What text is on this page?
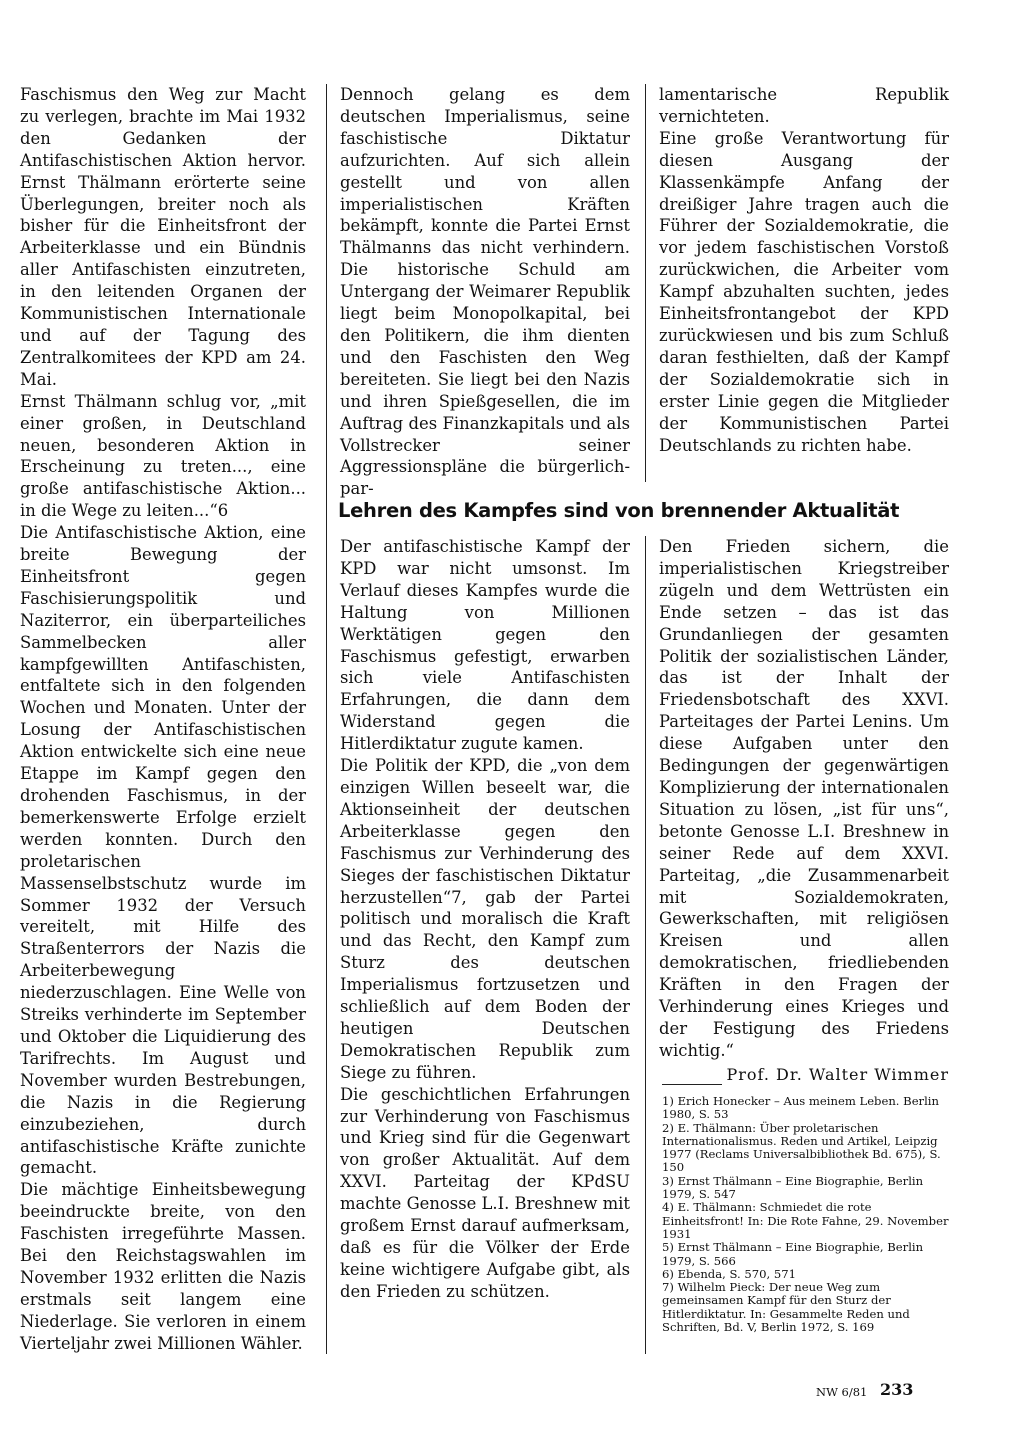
Faschismus den Weg zur Macht zu verlegen, brachte im Mai 1932 den Gedanken der Antifaschistischen Aktion hervor. Ernst Thälmann erörterte seine Überlegungen, breiter noch als bisher für die Einheitsfront der Arbeiterklasse und ein Bündnis aller Antifaschisten einzutreten, in den leitenden Organen der Kommunistischen Internationale und auf der Tagung des Zentralkomitees der KPD am 24. Mai.

Ernst Thälmann schlug vor, „mit einer großen, in Deutschland neuen, besonderen Aktion in Erscheinung zu treten..., eine große antifaschistische Aktion... in die Wege zu leiten...“6

Die Antifaschistische Aktion, eine breite Bewegung der Einheitsfront gegen Faschisierungspolitik und Naziterror, ein überparteiliches Sammelbecken aller kampfgewillten Antifaschisten, entfaltete sich in den folgenden Wochen und Monaten. Unter der Losung der Antifaschistischen Aktion entwickelte sich eine neue Etappe im Kampf gegen den drohenden Faschismus, in der bemerkenswerte Erfolge erzielt werden konnten. Durch den proletarischen Massenselbstschutz wurde im Sommer 1932 der Versuch vereitelt, mit Hilfe des Straßenterrors der Nazis die Arbeiterbewegung niederzuschlagen. Eine Welle von Streiks verhinderte im September und Oktober die Liquidierung des Tarifrechts. Im August und November wurden Bestrebungen, die Nazis in die Regierung einzubeziehen, durch antifaschistische Kräfte zunichte gemacht.

Die mächtige Einheitsbewegung beeindruckte breite, von den Faschisten irregeführte Massen. Bei den Reichstagswahlen im November 1932 erlitten die Nazis erstmals seit langem eine Niederlage. Sie verloren in einem Vierteljahr zwei Millionen Wähler.

Dennoch gelang es dem deutschen Imperialismus, seine faschistische Diktatur aufzurichten. Auf sich allein gestellt und von allen imperialistischen Kräften bekämpft, konnte die Partei Ernst Thälmanns das nicht verhindern. Die historische Schuld am Untergang der Weimarer Republik liegt beim Monopolkapital, bei den Politikern, die ihm dienten und den Faschisten den Weg bereiteten. Sie liegt bei den Nazis und ihren Spießgesellen, die im Auftrag des Finanzkapitals und als Vollstrecker seiner Aggressionspläne die bürgerlich-par-

lamentarische Republik vernichteten.

Eine große Verantwortung für diesen Ausgang der Klassenkämpfe Anfang der dreißiger Jahre tragen auch die Führer der Sozialdemokratie, die vor jedem faschistischen Vorstoß zurückwichen, die Arbeiter vom Kampf abzuhalten suchten, jedes Einheitsfrontangebot der KPD zurückwiesen und bis zum Schluß daran festhielten, daß der Kampf der Sozialdemokratie sich in erster Linie gegen die Mitglieder der Kommunistischen Partei Deutschlands zu richten habe.

Lehren des Kampfes sind von brennender Aktualität

Der antifaschistische Kampf der KPD war nicht umsonst. Im Verlauf dieses Kampfes wurde die Haltung von Millionen Werktätigen gegen den Faschismus gefestigt, erwarben sich viele Antifaschisten Erfahrungen, die dann dem Widerstand gegen die Hitlerdiktatur zugute kamen.

Die Politik der KPD, die „von dem einzigen Willen beseelt war, die Aktionseinheit der deutschen Arbeiterklasse gegen den Faschismus zur Verhinderung des Sieges der faschistischen Diktatur herzustellen“7, gab der Partei politisch und moralisch die Kraft und das Recht, den Kampf zum Sturz des deutschen Imperialismus fortzusetzen und schließlich auf dem Boden der heutigen Deutschen Demokratischen Republik zum Siege zu führen.

Die geschichtlichen Erfahrungen zur Verhinderung von Faschismus und Krieg sind für die Gegenwart von großer Aktualität. Auf dem XXVI. Parteitag der KPdSU machte Genosse L.I. Breshnew mit großem Ernst darauf aufmerksam, daß es für die Völker der Erde keine wichtigere Aufgabe gibt, als den Frieden zu schützen.

Den Frieden sichern, die imperialistischen Kriegstreiber zügeln und dem Wettrüsten ein Ende setzen – das ist das Grundanliegen der gesamten Politik der sozialistischen Länder, das ist der Inhalt der Friedensbotschaft des XXVI. Parteitages der Partei Lenins. Um diese Aufgaben unter den Bedingungen der gegenwärtigen Komplizierung der internationalen Situation zu lösen, „ist für uns“, betonte Genosse L.I. Breshnew in seiner Rede auf dem XXVI. Parteitag, „die Zusammenarbeit mit Sozialdemokraten, Gewerkschaften, mit religiösen Kreisen und allen demokratischen, friedliebenden Kräften in den Fragen der Verhinderung eines Krieges und der Festigung des Friedens wichtig.“

Prof. Dr. Walter Wimmer

1) Erich Honecker – Aus meinem Leben. Berlin 1980, S. 53
2) E. Thälmann: Über proletarischen Internationalismus. Reden und Artikel, Leipzig 1977 (Reclams Universalbibliothek Bd. 675), S. 150
3) Ernst Thälmann – Eine Biographie, Berlin 1979, S. 547
4) E. Thälmann: Schmiedet die rote Einheitsfront! In: Die Rote Fahne, 29. November 1931
5) Ernst Thälmann – Eine Biographie, Berlin 1979, S. 566
6) Ebenda, S. 570, 571
7) Wilhelm Pieck: Der neue Weg zum gemeinsamen Kampf für den Sturz der Hitlerdiktatur. In: Gesammelte Reden und Schriften, Bd. V, Berlin 1972, S. 169
NW 6/81 233
